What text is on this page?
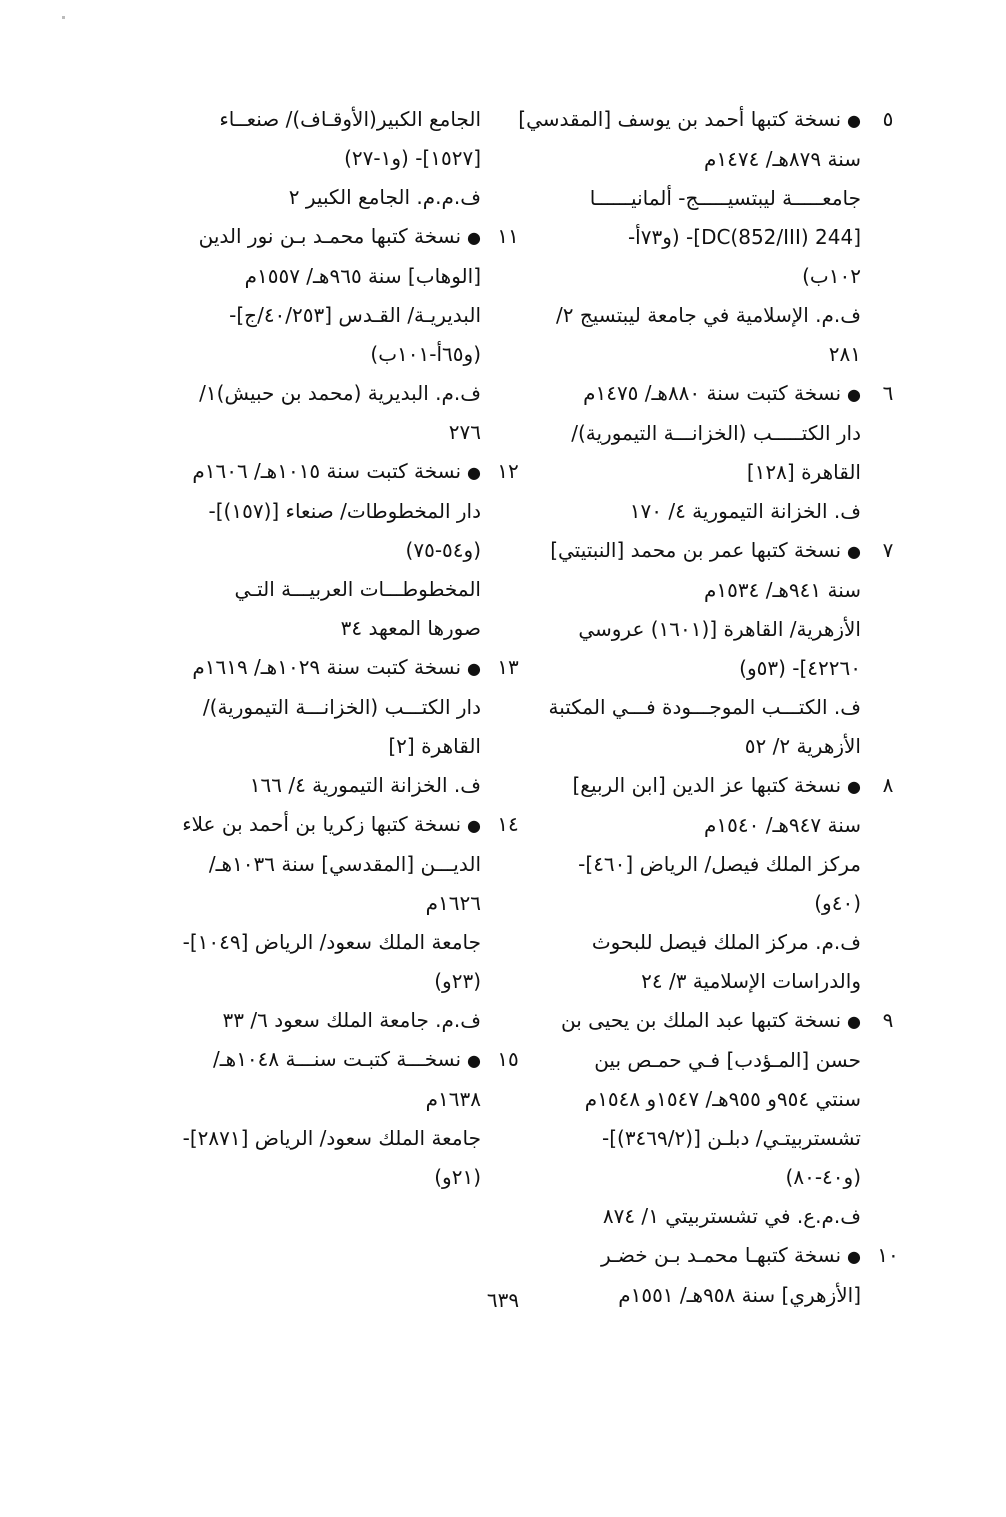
٥
●نسخة كتبها أحمد بن يوسف [المقدسي]
سنة ٨٧٩هـ/ ١٤٧٤م
جامعـــــة ليبتسيـــــج- ألمانيــــــا
[244 DC(852/III)]- (و٧٣أ-
١٠٢ب)
ف.م. الإسلامية في جامعة ليبتسيج ٢/
٢٨١
٦
●نسخة كتبت سنة ٨٨٠هـ/ ١٤٧٥م
دار الكتـــــب (الخزانـــة التيمورية)/
القاهرة [١٢٨]
ف. الخزانة التيمورية ٤/ ١٧٠
٧
●نسخة كتبها عمر بن محمد [النبتيتي]
سنة ٩٤١هـ/ ١٥٣٤م
الأزهرية/ القاهرة [(١٦٠١) عروسي
٤٢٢٦٠]- (٥٣و)
ف. الكتـــب الموجـــودة فـــي المكتبة
الأزهرية ٢/ ٥٢
٨
●نسخة كتبها عز الدين [ابن الربيع]
سنة ٩٤٧هـ/ ١٥٤٠م
مركز الملك فيصل/ الرياض [٤٦٠]-
(٤٠و)
ف.م. مركز الملك فيصل للبحوث
والدراسات الإسلامية ٣/ ٢٤
٩
●نسخة كتبها عبد الملك بن يحيى بن
حسن [المـؤدب] فـي حمـص بين
سنتي ٩٥٤و ٩٥٥هـ/ ١٥٤٧و ١٥٤٨م
تشستربيتـي/ دبلـن [(٣٤٦٩/٢)]-
(و٤٠-٨٠)
ف.م.ع. في تشستربيتي ١/ ٨٧٤
١٠
●نسخة كتبهـا محمـد بـن خضـر
[الأزهري] سنة ٩٥٨هـ/ ١٥٥١م
الجامع الكبير(الأوقـاف)/ صنعــاء
[١٥٢٧]- (و١-٢٧)
ف.م.م. الجامع الكبير ٢
١١
●نسخة كتبها محمـد بـن نور الدين
[الوهاب] سنة ٩٦٥هـ/ ١٥٥٧م
البديريـة/ القـدس [٤٠/٢٥٣/ج]-
(و٦٥أ-١٠١ب)
ف.م. البديرية (محمد بن حبيش)١/
٢٧٦
١٢
●نسخة كتبت سنة ١٠١٥هـ/ ١٦٠٦م
دار المخطوطات/ صنعاء [(١٥٧)]-
(و٥٤-٧٥)
المخطوطـــات العربيـــة التـي
صورها المعهد ٣٤
١٣
●نسخة كتبت سنة ١٠٢٩هـ/ ١٦١٩م
دار الكتـــب (الخزانـــة التيمورية)/
القاهرة [٢]
ف. الخزانة التيمورية ٤/ ١٦٦
١٤
●نسخة كتبها زكريا بن أحمد بن علاء
الديـــن [المقدسي] سنة ١٠٣٦هـ/
١٦٢٦م
جامعة الملك سعود/ الرياض [١٠٤٩]-
(٢٣و)
ف.م. جامعة الملك سعود ٦/ ٣٣
١٥
●نسخـــة كتبـت سنـــة ١٠٤٨هـ/
١٦٣٨م
جامعة الملك سعود/ الرياض [٢٨٧١]-
(٢١و)
٦٣٩
